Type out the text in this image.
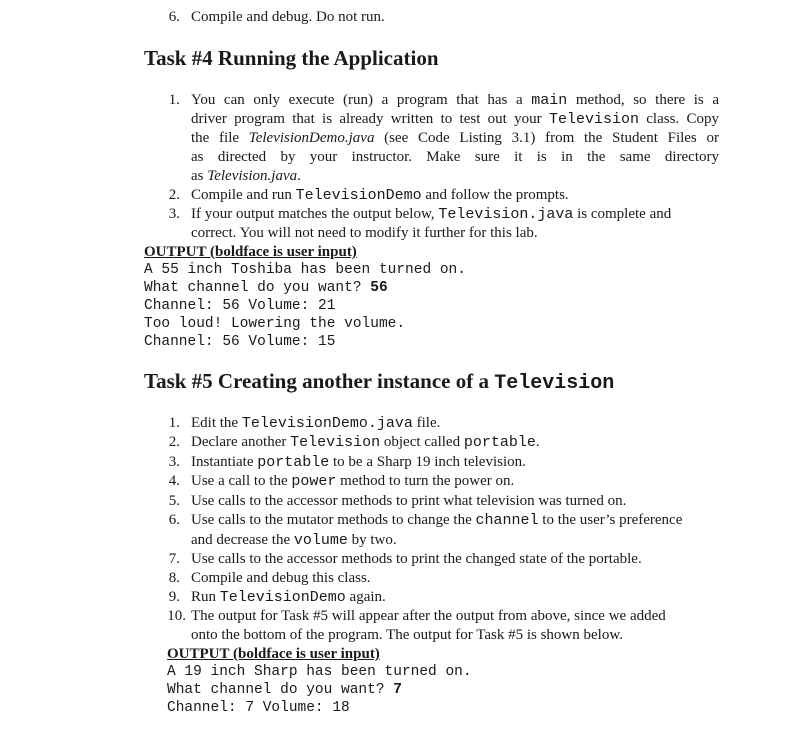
6. Compile and debug. Do not run.
Task #4 Running the Application
1. You can only execute (run) a program that has a main method, so there is a
driver program that is already written to test out your Television class. Copy
the file TelevisionDemo.java (see Code Listing 3.1) from the Student Files or
as directed by your instructor. Make sure it is in the same directory
as Television.java.
2. Compile and run TelevisionDemo and follow the prompts.
3. If your output matches the output below, Television.java is complete and
correct. You will not need to modify it further for this lab.
OUTPUT (boldface is user input)
A 55 inch Toshiba has been turned on.
What channel do you want? 56
Channel: 56 Volume: 21
Too loud! Lowering the volume.
Channel: 56 Volume: 15
Task #5 Creating another instance of a Television
1. Edit the TelevisionDemo.java file.
2. Declare another Television object called portable.
3. Instantiate portable to be a Sharp 19 inch television.
4. Use a call to the power method to turn the power on.
5. Use calls to the accessor methods to print what television was turned on.
6. Use calls to the mutator methods to change the channel to the user’s preference
and decrease the volume by two.
7. Use calls to the accessor methods to print the changed state of the portable.
8. Compile and debug this class.
9. Run TelevisionDemo again.
10. The output for Task #5 will appear after the output from above, since we added
onto the bottom of the program. The output for Task #5 is shown below.
OUTPUT (boldface is user input)
A 19 inch Sharp has been turned on.
What channel do you want? 7
Channel: 7 Volume: 18
